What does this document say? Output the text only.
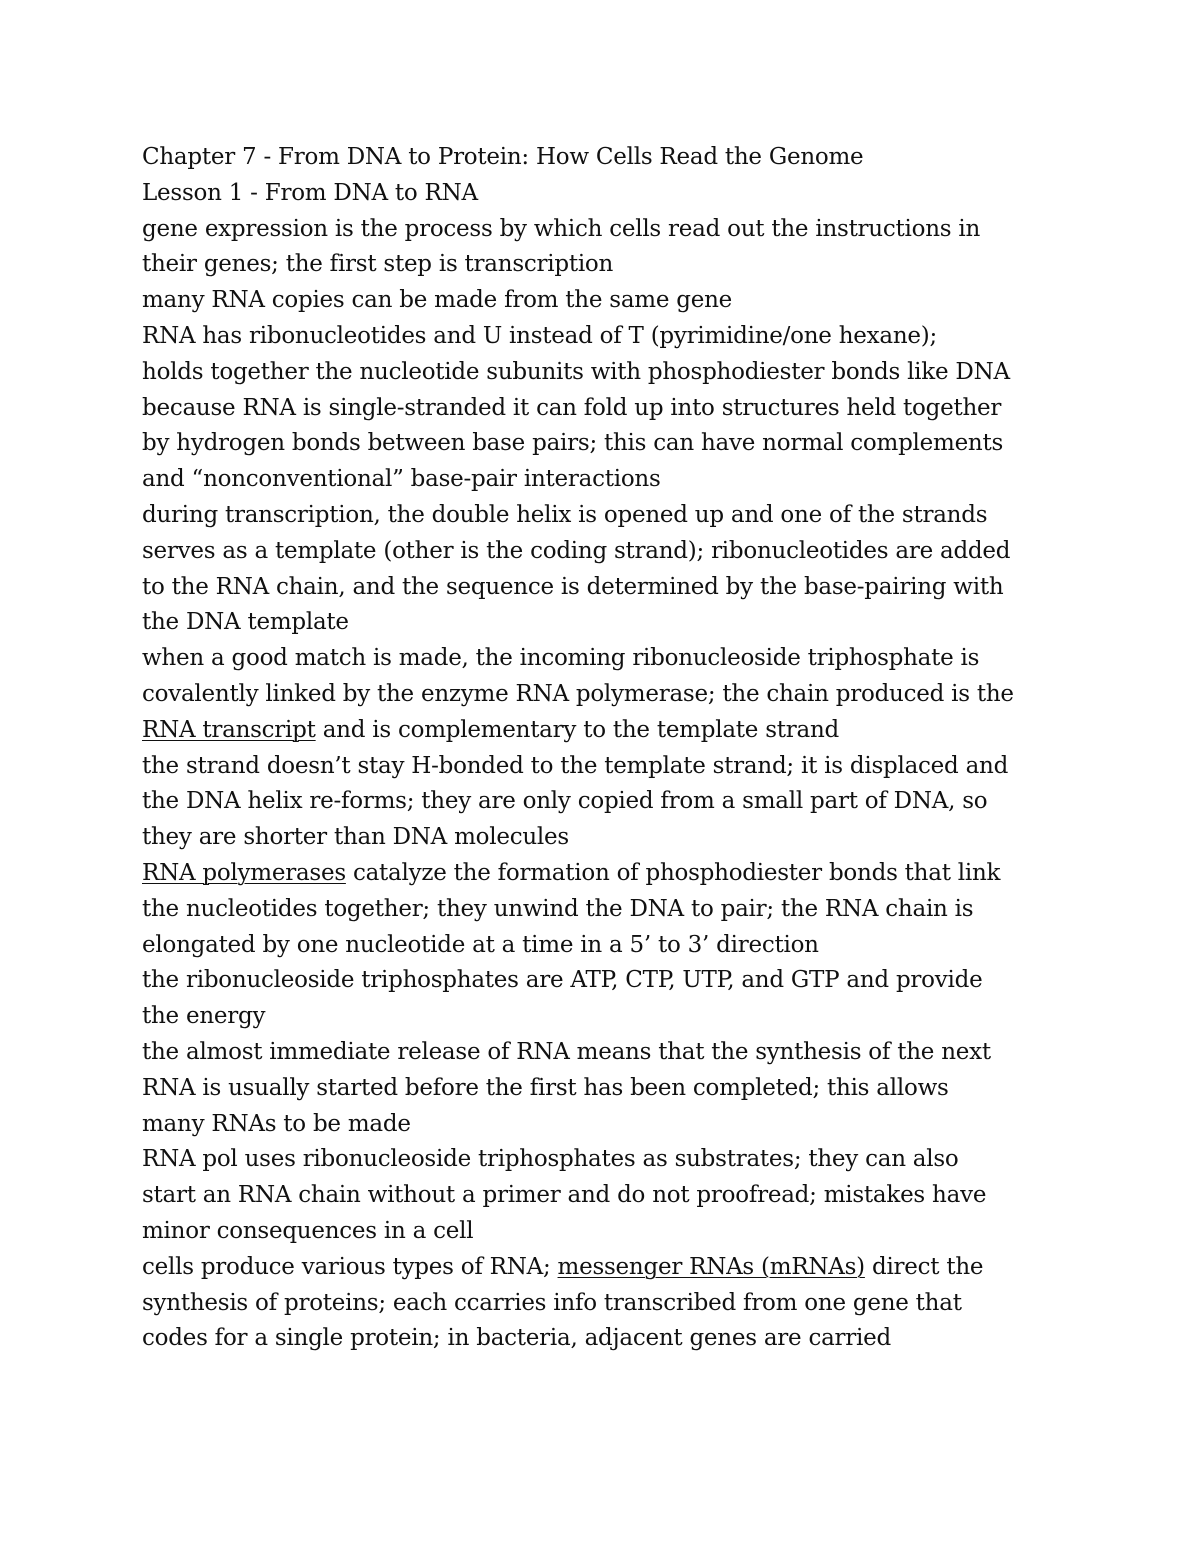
Chapter 7 - From DNA to Protein: How Cells Read the Genome
Lesson 1 - From DNA to RNA
gene expression is the process by which cells read out the instructions in
their genes; the first step is transcription
many RNA copies can be made from the same gene
RNA has ribonucleotides and U instead of T (pyrimidine/one hexane);
holds together the nucleotide subunits with phosphodiester bonds like DNA
because RNA is single-stranded it can fold up into structures held together
by hydrogen bonds between base pairs; this can have normal complements
and “nonconventional” base-pair interactions
during transcription, the double helix is opened up and one of the strands
serves as a template (other is the coding strand); ribonucleotides are added
to the RNA chain, and the sequence is determined by the base-pairing with
the DNA template
when a good match is made, the incoming ribonucleoside triphosphate is
covalently linked by the enzyme RNA polymerase; the chain produced is the
RNA transcript and is complementary to the template strand
the strand doesn’t stay H-bonded to the template strand; it is displaced and
the DNA helix re-forms; they are only copied from a small part of DNA, so
they are shorter than DNA molecules
RNA polymerases catalyze the formation of phosphodiester bonds that link
the nucleotides together; they unwind the DNA to pair; the RNA chain is
elongated by one nucleotide at a time in a 5’ to 3’ direction
the ribonucleoside triphosphates are ATP, CTP, UTP, and GTP and provide
the energy
the almost immediate release of RNA means that the synthesis of the next
RNA is usually started before the first has been completed; this allows
many RNAs to be made
RNA pol uses ribonucleoside triphosphates as substrates; they can also
start an RNA chain without a primer and do not proofread; mistakes have
minor consequences in a cell
cells produce various types of RNA; messenger RNAs (mRNAs) direct the
synthesis of proteins; each ccarries info transcribed from one gene that
codes for a single protein; in bacteria, adjacent genes are carried
